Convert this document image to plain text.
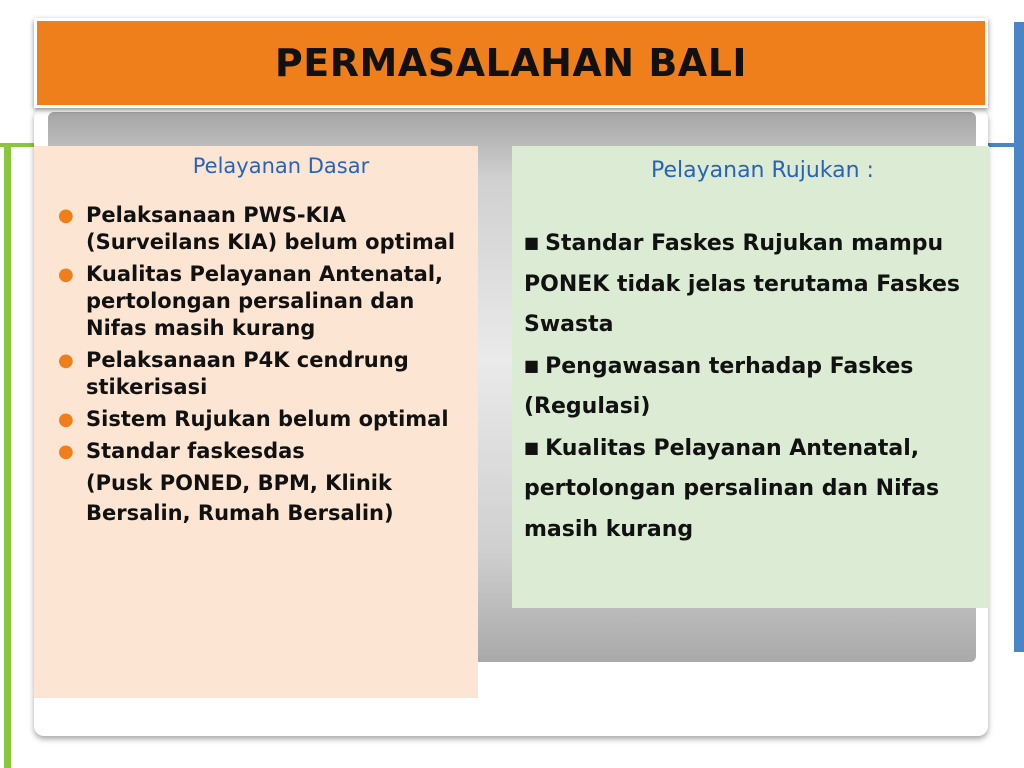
PERMASALAHAN BALI
Pelayanan Dasar
● Pelaksanaan PWS-KIA (Surveilans KIA) belum optimal
● Kualitas Pelayanan Antenatal, pertolongan persalinan dan Nifas masih kurang
● Pelaksanaan P4K cendrung stikerisasi
● Sistem Rujukan belum optimal
● Standar faskesdas
(Pusk PONED, BPM, Klinik Bersalin, Rumah Bersalin)
Pelayanan Rujukan :
■ Standar Faskes Rujukan mampu PONEK tidak jelas terutama Faskes Swasta
■ Pengawasan terhadap Faskes (Regulasi)
■ Kualitas Pelayanan Antenatal, pertolongan persalinan dan Nifas masih kurang
